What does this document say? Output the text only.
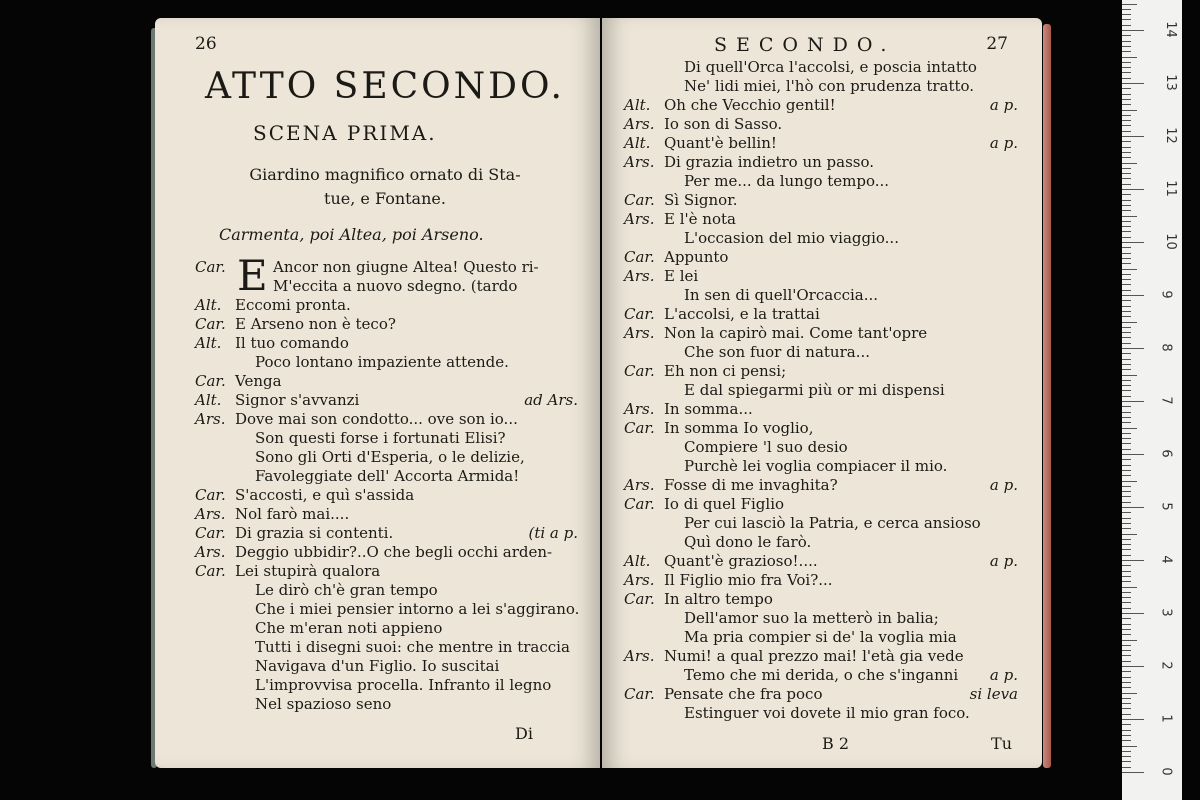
26
ATTO SECONDO.
SCENA PRIMA.
Giardino magnifico ornato di Sta-
tue, e Fontane.
Carmenta, poi Altea, poi Arseno.
Car.	Ancor non giugne Altea! Questo ri-
E M'eccita a nuovo sdegno. (tardo
Alt. Eccomi pronta.
Car. E Arseno non è teco?
Alt. Il tuo comando
Poco lontano impaziente attende.
Car. Venga
Alt. Signor s'avvanzi	ad Ars.
Ars. Dove mai son condotto... ove son io...
Son questi forse i fortunati Elisi?
Sono gli Orti d'Esperia, o le delizie,
Favoleggiate dell' Accorta Armida!
Car. S'accosti, e quì s'assida
Ars. Nol farò mai....
Car. Di grazia si contenti.	(ti a p.
Ars. Deggio ubbidir?..O che begli occhi arden-
Car. Lei stupirà qualora
Le dirò ch'è gran tempo
Che i miei pensier intorno a lei s'aggirano.
Che m'eran noti appieno
Tutti i disegni suoi: che mentre in traccia
Navigava d'un Figlio. Io suscitai
L'improvvisa procella. Infranto il legno
Nel spazioso seno
Di
SECONDO.	27
Di quell'Orca l'accolsi, e poscia intatto
Ne' lidi miei, l'hò con prudenza tratto.
Alt. Oh che Vecchio gentil!	a p.
Ars. Io son di Sasso.
Alt. Quant'è bellin!	a p.
Ars. Di grazia indietro un passo.
Per me... da lungo tempo...
Car. Sì Signor.
Ars. E l'è nota
L'occasion del mio viaggio...
Car. Appunto
Ars. E lei
In sen di quell'Orcaccia...
Car. L'accolsi, e la trattai
Ars. Non la capirò mai. Come tant'opre
Che son fuor di natura...
Car. Eh non ci pensi;
E dal spiegarmi più or mi dispensi
Ars. In somma...
Car. In somma Io voglio,
Compiere 'l suo desio
Purchè lei voglia compiacer il mio.
Ars. Fosse di me invaghita?	a p.
Car. Io di quel Figlio
Per cui lasciò la Patria, e cerca ansioso
Quì dono le farò.
Alt. Quant'è grazioso!....	a p.
Ars. Il Figlio mio fra Voi?...
Car. In altro tempo
Dell'amor suo la metterò in balia;
Ma pria compier si de' la voglia mia
Ars. Numi! a qual prezzo mai! l'età gia vede
Temo che mi derida, o che s'inganni a p.
Car. Pensate che fra poco	si leva
Estinguer voi dovete il mio gran foco.
B 2	Tu
0
1
2
3
4
5
6
7
8
9
10
11
12
13
14
